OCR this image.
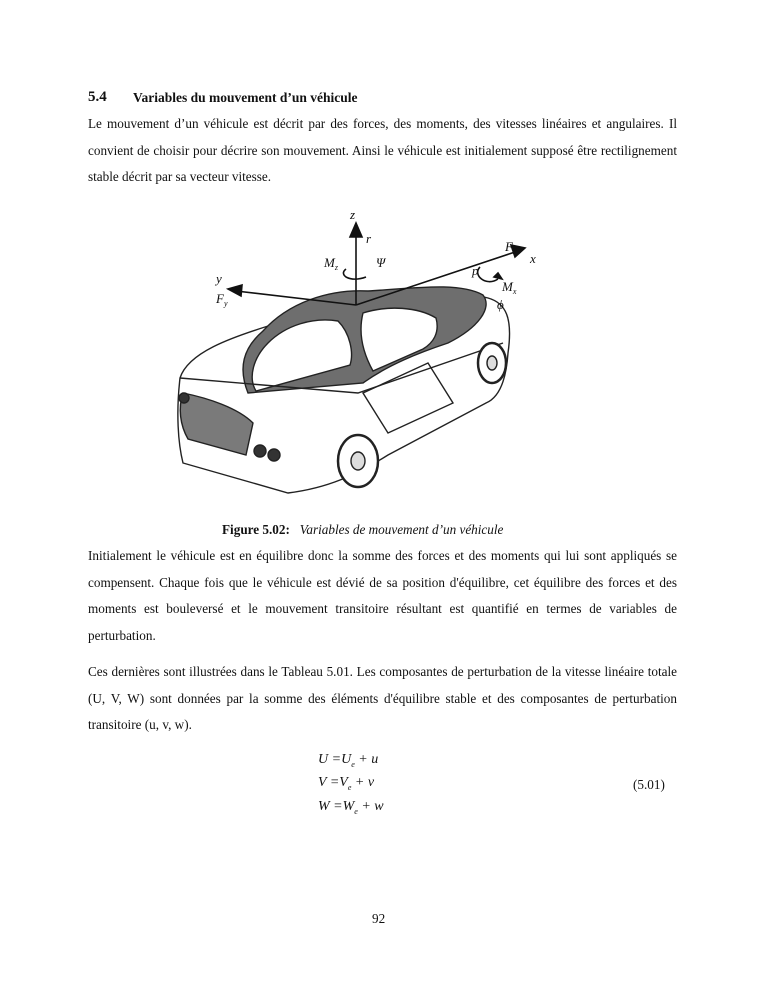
5.4 Variables du mouvement d’un véhicule
Le mouvement d’un véhicule est décrit par des forces, des moments, des vitesses linéaires et angulaires. Il convient de choisir pour décrire son mouvement. Ainsi le véhicule est initialement supposé être rectilignement stable décrit par sa vecteur vitesse.
z
r
$M_z$	Ψ
y
$F_y$
$F_x$ x
p
$M_x$
ϕ
Figure 5.02: Variables de mouvement d’un véhicule
Initialement le véhicule est en équilibre donc la somme des forces et des moments qui lui sont appliqués se compensent. Chaque fois que le véhicule est dévié de sa position d'équilibre, cet équilibre des forces et des moments est bouleversé et le mouvement transitoire résultant est quantifié en termes de variables de perturbation.
Ces dernières sont illustrées dans le Tableau 5.01. Les composantes de perturbation de la vitesse linéaire totale (U, V, W) sont données par la somme des éléments d'équilibre stable et des composantes de perturbation transitoire (u, v, w).
$U =U_e + u$
$V =V_e + v$
$W =W_e + w$
(5.01)
92
